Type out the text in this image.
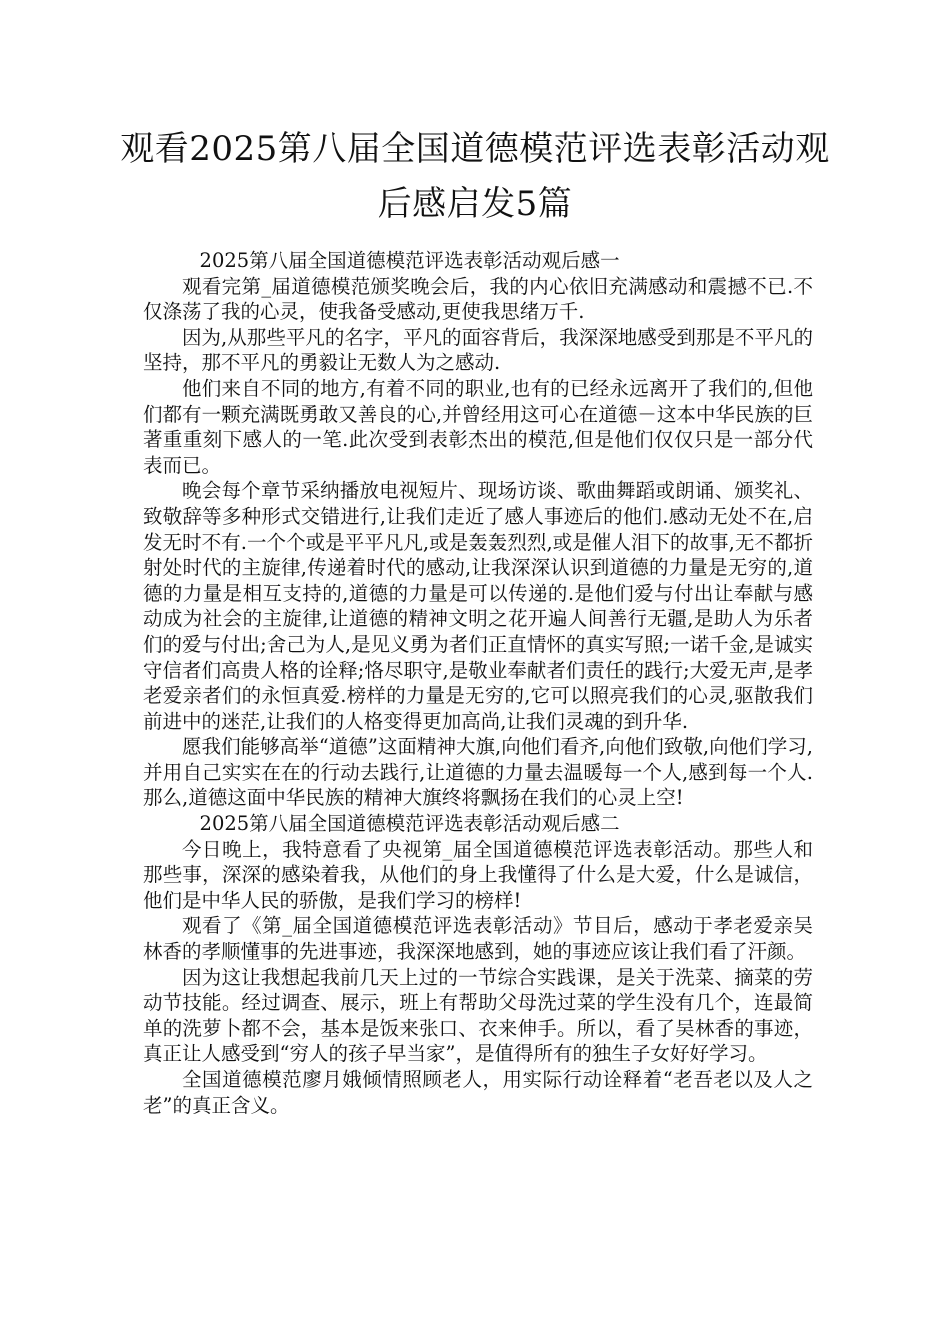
观看2025第八届全国道德模范评选表彰活动观后感启发5篇

2025第八届全国道德模范评选表彰活动观后感一

观看完第_届道德模范颁奖晚会后，我的内心依旧充满感动和震撼不已.不仅涤荡了我的心灵，使我备受感动,更使我思绪万千.

因为,从那些平凡的名字，平凡的面容背后，我深深地感受到那是不平凡的坚持，那不平凡的勇毅让无数人为之感动.

他们来自不同的地方,有着不同的职业,也有的已经永远离开了我们的,但他们都有一颗充满既勇敢又善良的心,并曾经用这可心在道德－这本中华民族的巨著重重刻下感人的一笔.此次受到表彰杰出的模范,但是他们仅仅只是一部分代表而已。

晚会每个章节采纳播放电视短片、现场访谈、歌曲舞蹈或朗诵、颁奖礼、致敬辞等多种形式交错进行,让我们走近了感人事迹后的他们.感动无处不在,启发无时不有.一个个或是平平凡凡,或是轰轰烈烈,或是催人泪下的故事,无不都折射处时代的主旋律,传递着时代的感动,让我深深认识到道德的力量是无穷的,道德的力量是相互支持的,道德的力量是可以传递的.是他们爱与付出让奉献与感动成为社会的主旋律,让道德的精神文明之花开遍人间善行无疆,是助人为乐者们的爱与付出;舍己为人,是见义勇为者们正直情怀的真实写照;一诺千金,是诚实守信者们高贵人格的诠释;恪尽职守,是敬业奉献者们责任的践行;大爱无声,是孝老爱亲者们的永恒真爱.榜样的力量是无穷的,它可以照亮我们的心灵,驱散我们前进中的迷茫,让我们的人格变得更加高尚,让我们灵魂的到升华.

愿我们能够高举“道德”这面精神大旗,向他们看齐,向他们致敬,向他们学习,并用自己实实在在的行动去践行,让道德的力量去温暖每一个人,感到每一个人.那么,道德这面中华民族的精神大旗终将飘扬在我们的心灵上空!

2025第八届全国道德模范评选表彰活动观后感二

今日晚上，我特意看了央视第_届全国道德模范评选表彰活动。那些人和那些事，深深的感染着我，从他们的身上我懂得了什么是大爱，什么是诚信，他们是中华人民的骄傲，是我们学习的榜样!

观看了《第_届全国道德模范评选表彰活动》节目后，感动于孝老爱亲吴林香的孝顺懂事的先进事迹，我深深地感到，她的事迹应该让我们看了汗颜。

因为这让我想起我前几天上过的一节综合实践课，是关于洗菜、摘菜的劳动节技能。经过调查、展示，班上有帮助父母洗过菜的学生没有几个，连最简单的洗萝卜都不会，基本是饭来张口、衣来伸手。所以，看了吴林香的事迹，真正让人感受到“穷人的孩子早当家”，是值得所有的独生子女好好学习。

全国道德模范廖月娥倾情照顾老人，用实际行动诠释着“老吾老以及人之老”的真正含义。
